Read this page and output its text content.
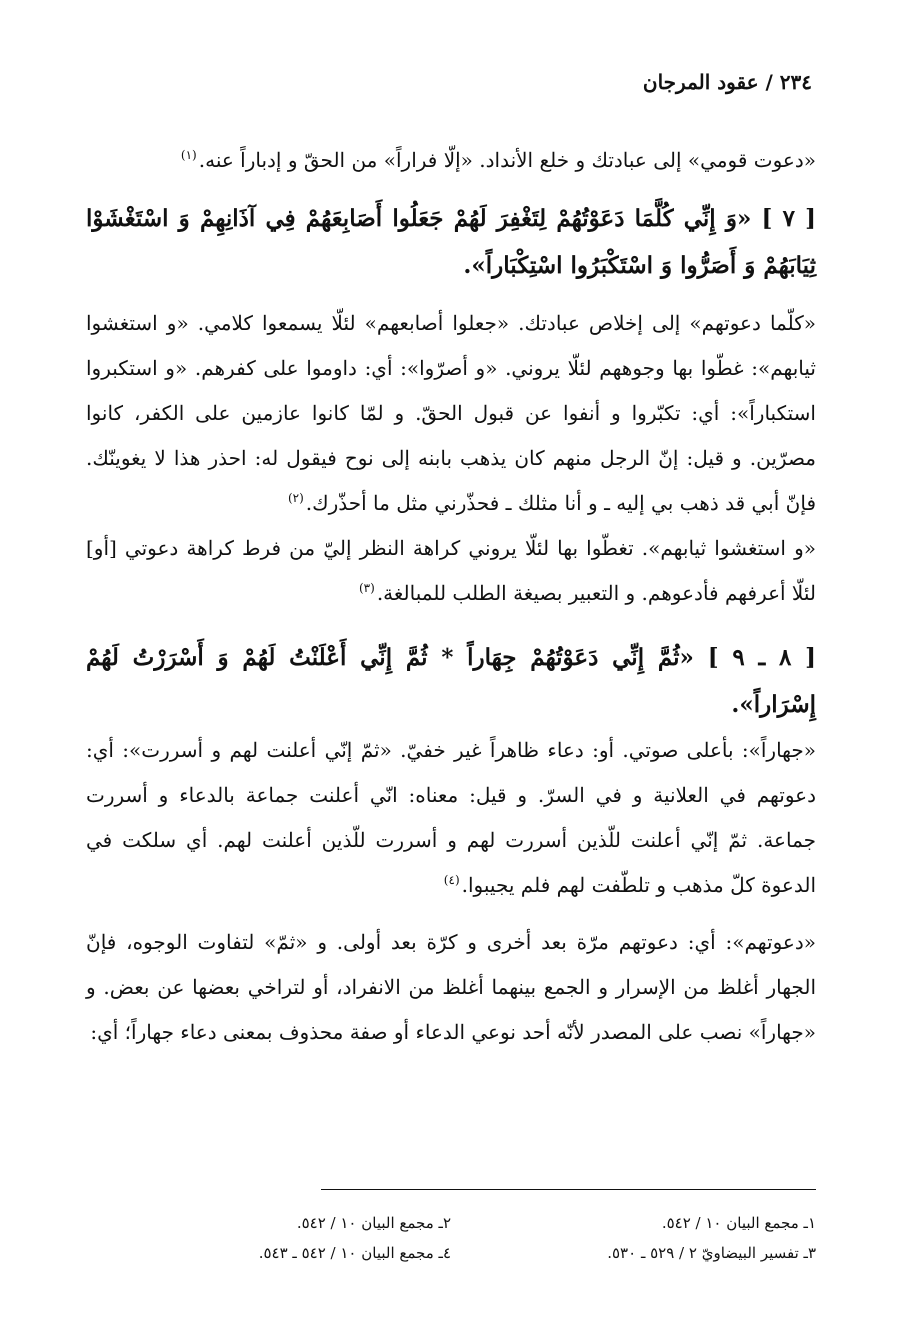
٢٣٤ / عقود المرجان

«دعوت قومي» إلى عبادتك و خلع الأنداد. «إلّا فراراً» من الحقّ و إدباراً عنه.$^{(١)}$

[ ٧ ] «وَ إِنِّي كُلَّمَا دَعَوْتُهُمْ لِتَغْفِرَ لَهُمْ جَعَلُوا أَصَابِعَهُمْ فِي آذَانِهِمْ وَ اسْتَغْشَوْا ثِيَابَهُمْ وَ أَصَرُّوا وَ اسْتَكْبَرُوا اسْتِكْبَاراً».

«كلّما دعوتهم» إلى إخلاص عبادتك. «جعلوا أصابعهم» لئلّا يسمعوا كلامي. «و استغشوا ثيابهم»: غطّوا بها وجوههم لئلّا يروني. «و أصرّوا»: أي: داوموا على كفرهم. «و استكبروا استكباراً»: أي: تكبّروا و أنفوا عن قبول الحقّ. و لمّا كانوا عازمين على الكفر، كانوا مصرّين. و قيل: إنّ الرجل منهم كان يذهب بابنه إلى نوح فيقول له: احذر هذا لا يغوينّك. فإنّ أبي قد ذهب بي إليه ـ و أنا مثلك ـ فحذّرني مثل ما أحذّرك.$^{(٢)}$

«و استغشوا ثيابهم». تغطّوا بها لئلّا يروني كراهة النظر إليّ من فرط كراهة دعوتي [أو] لئلّا أعرفهم فأدعوهم. و التعبير بصيغة الطلب للمبالغة.$^{(٣)}$

[ ٨ ـ ٩ ] «ثُمَّ إِنِّي دَعَوْتُهُمْ جِهَاراً * ثُمَّ إِنِّي أَعْلَنْتُ لَهُمْ وَ أَسْرَرْتُ لَهُمْ إِسْرَاراً».

«جهاراً»: بأعلى صوتي. أو: دعاء ظاهراً غير خفيّ. «ثمّ إنّي أعلنت لهم و أسررت»: أي: دعوتهم في العلانية و في السرّ. و قيل: معناه: انّي أعلنت جماعة بالدعاء و أسررت جماعة. ثمّ إنّي أعلنت للّذين أسررت لهم و أسررت للّذين أعلنت لهم. أي سلكت في الدعوة كلّ مذهب و تلطّفت لهم فلم يجيبوا.$^{(٤)}$

«دعوتهم»: أي: دعوتهم مرّة بعد أخرى و كرّة بعد أولى. و «ثمّ» لتفاوت الوجوه، فإنّ الجهار أغلظ من الإسرار و الجمع بينهما أغلظ من الانفراد، أو لتراخي بعضها عن بعض. و «جهاراً» نصب على المصدر لأنّه أحد نوعي الدعاء أو صفة محذوف بمعنى دعاء جهاراً؛ أي:

١ـ مجمع البيان ١٠ / ٥٤٢.

٢ـ مجمع البيان ١٠ / ٥٤٢.

٣ـ تفسير البيضاويّ ٢ / ٥٢٩ ـ ٥٣٠.

٤ـ مجمع البيان ١٠ / ٥٤٢ ـ ٥٤٣.
